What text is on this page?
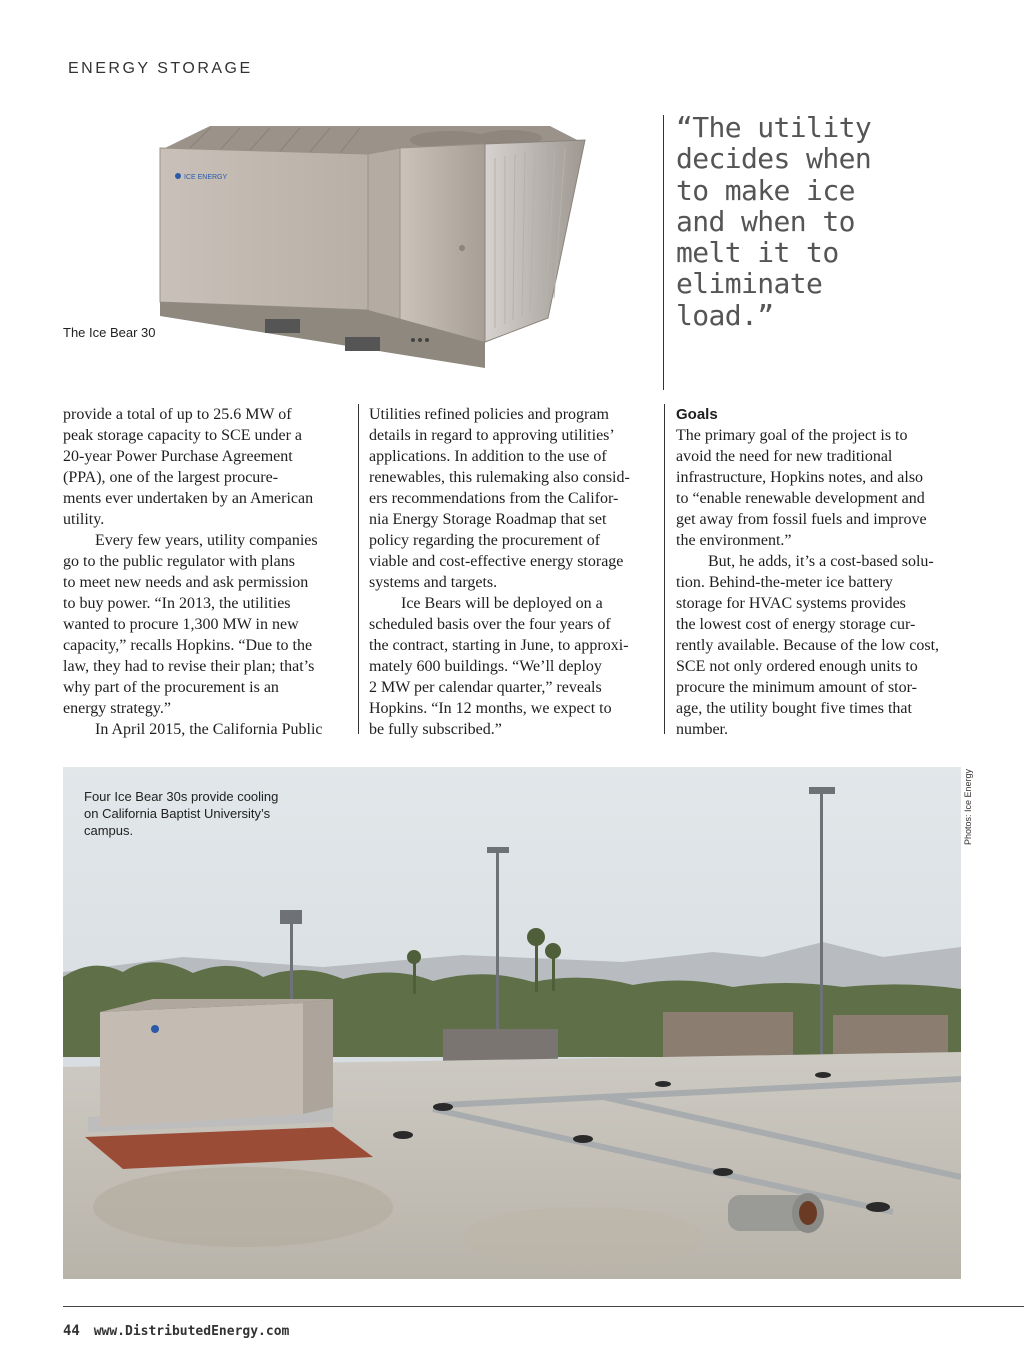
ENERGY STORAGE
ICE ENERGY
The Ice Bear 30
“The utility
decides when
to make ice
and when to
melt it to
eliminate
load.”

provide a total of up to 25.6 MW of
peak storage capacity to SCE under a
20-year Power Purchase Agreement
(PPA), one of the largest procure-
ments ever undertaken by an American
utility.

Every few years, utility companies
go to the public regulator with plans
to meet new needs and ask permission
to buy power. “In 2013, the utilities
wanted to procure 1,300 MW in new
capacity,” recalls Hopkins. “Due to the
law, they had to revise their plan; that’s
why part of the procurement is an
energy strategy.”

In April 2015, the California Public

Utilities refined policies and program
details in regard to approving utilities’
applications. In addition to the use of
renewables, this rulemaking also consid-
ers recommendations from the Califor-
nia Energy Storage Roadmap that set
policy regarding the procurement of
viable and cost-effective energy storage
systems and targets.

Ice Bears will be deployed on a
scheduled basis over the four years of
the contract, starting in June, to approxi-
mately 600 buildings. “We’ll deploy
2 MW per calendar quarter,” reveals
Hopkins. “In 12 months, we expect to
be fully subscribed.”

Goals

The primary goal of the project is to
avoid the need for new traditional
infrastructure, Hopkins notes, and also
to “enable renewable development and
get away from fossil fuels and improve
the environment.”

But, he adds, it’s a cost-based solu-
tion. Behind-the-meter ice battery
storage for HVAC systems provides
the lowest cost of energy storage cur-
rently available. Because of the low cost,
SCE not only ordered enough units to
procure the minimum amount of stor-
age, the utility bought five times that
number.

Four Ice Bear 30s provide cooling
on California Baptist University’s
campus.	Photos: Ice Energy
44 www.DistributedEnergy.com
